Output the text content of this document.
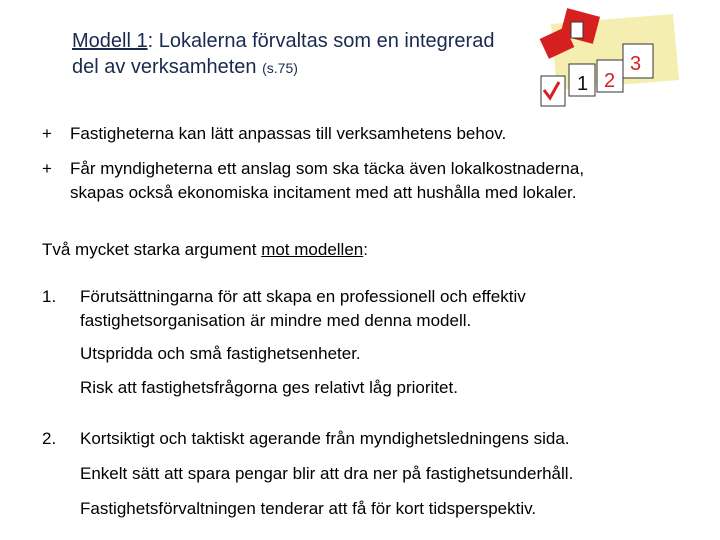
Modell 1: Lokalerna förvaltas som en integrerad del av verksamheten (s.75)
1 2
3
+ Fastigheterna kan lätt anpassas till verksamhetens behov.
+ Får myndigheterna ett anslag som ska täcka även lokalkostnaderna,
skapas också ekonomiska incitament med att hushålla med lokaler.
Två mycket starka argument mot modellen:
1. Förutsättningarna för att skapa en professionell och effektiv
fastighetsorganisation är mindre med denna modell.
Utspridda och små fastighetsenheter.
Risk att fastighetsfrågorna ges relativt låg prioritet.
2. Kortsiktigt och taktiskt agerande från myndighetsledningens sida.
Enkelt sätt att spara pengar blir att dra ner på fastighetsunderhåll.
Fastighetsförvaltningen tenderar att få för kort tidsperspektiv.
